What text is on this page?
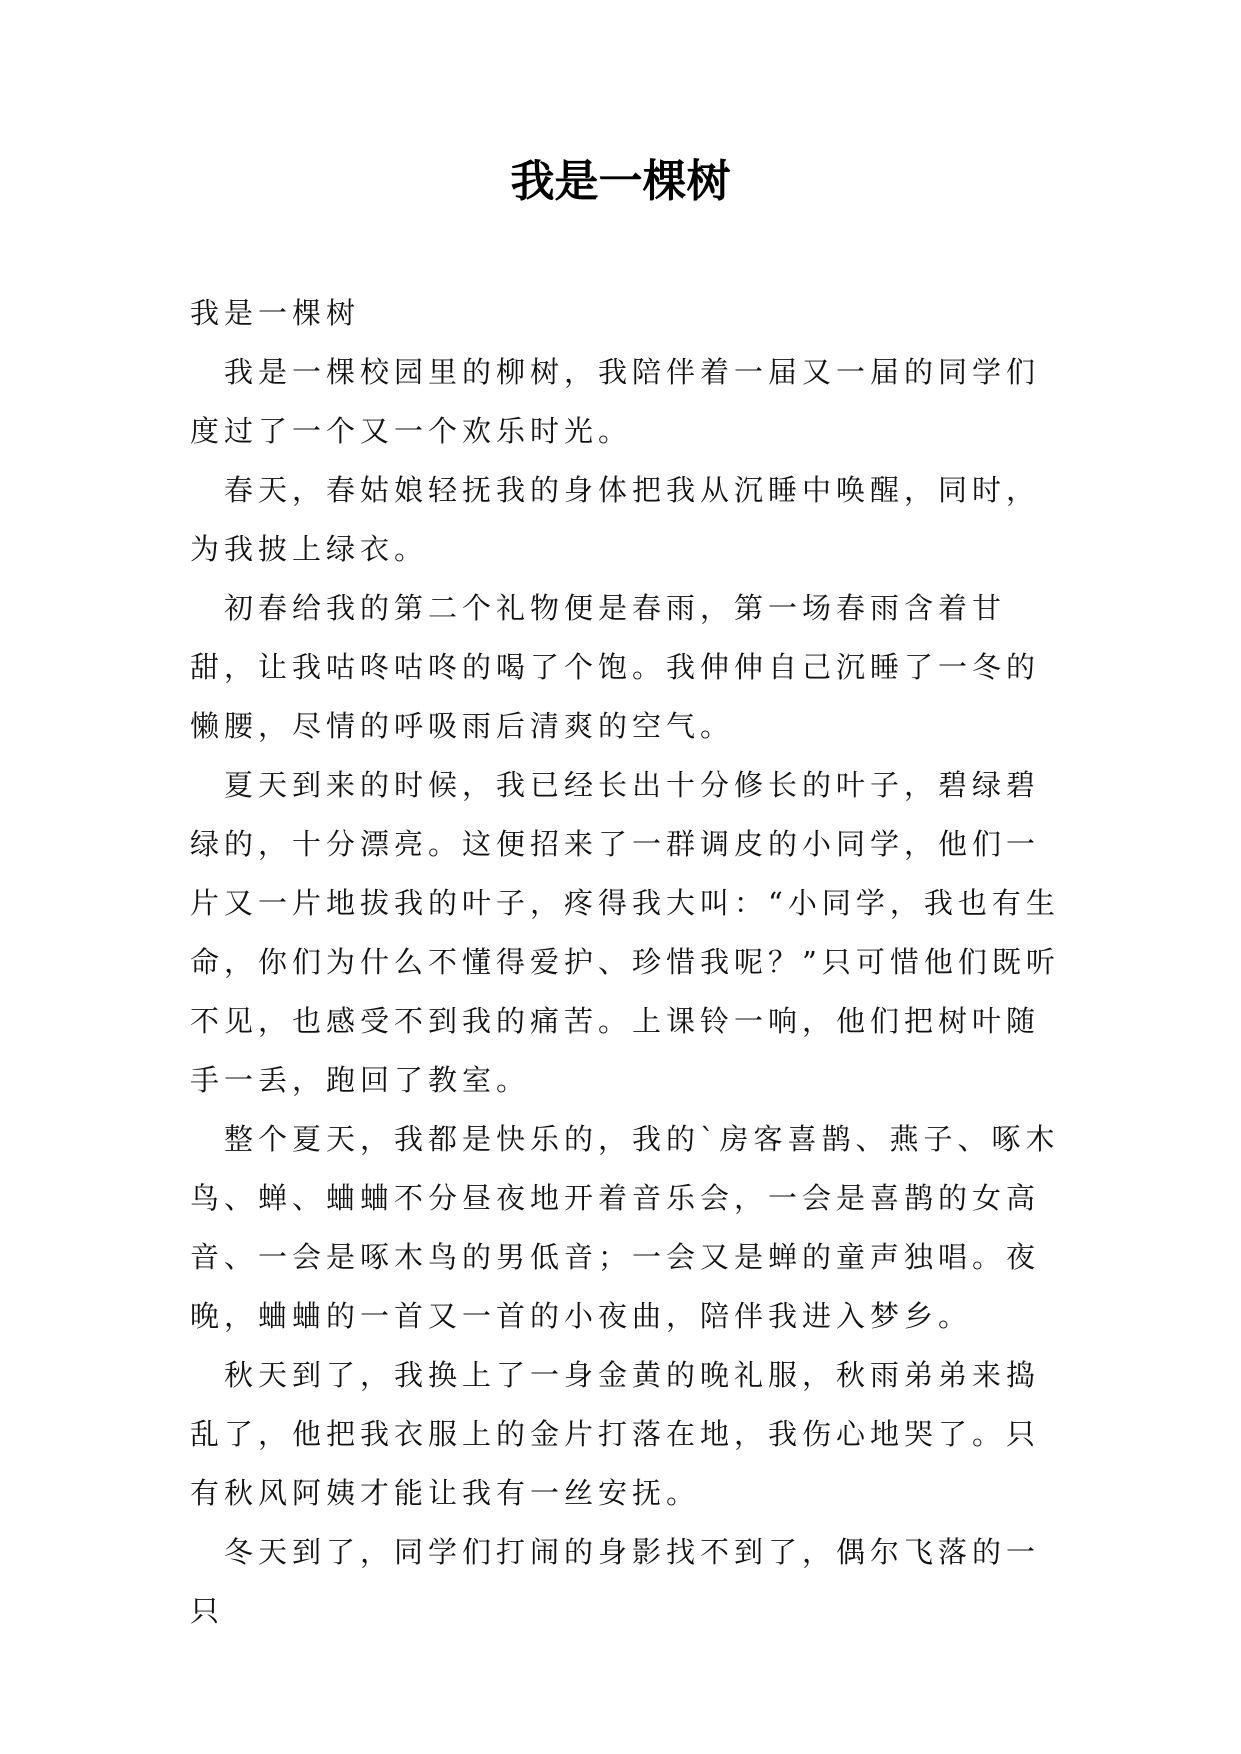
我是一棵树

我是一棵树

我是一棵校园里的柳树，我陪伴着一届又一届的同学们度过了一个又一个欢乐时光。

春天，春姑娘轻抚我的身体把我从沉睡中唤醒，同时，为我披上绿衣。

初春给我的第二个礼物便是春雨，第一场春雨含着甘甜，让我咕咚咕咚的喝了个饱。我伸伸自己沉睡了一冬的懒腰，尽情的呼吸雨后清爽的空气。

夏天到来的时候，我已经长出十分修长的叶子，碧绿碧绿的，十分漂亮。这便招来了一群调皮的小同学，他们一片又一片地拔我的叶子，疼得我大叫：“小同学，我也有生命，你们为什么不懂得爱护、珍惜我呢？”只可惜他们既听不见，也感受不到我的痛苦。上课铃一响，他们把树叶随手一丢，跑回了教室。

整个夏天，我都是快乐的，我的`房客喜鹊、燕子、啄木鸟、蝉、蛐蛐不分昼夜地开着音乐会，一会是喜鹊的女高音、一会是啄木鸟的男低音；一会又是蝉的童声独唱。夜晚，蛐蛐的一首又一首的小夜曲，陪伴我进入梦乡。

秋天到了，我换上了一身金黄的晚礼服，秋雨弟弟来捣乱了，他把我衣服上的金片打落在地，我伤心地哭了。只有秋风阿姨才能让我有一丝安抚。

冬天到了，同学们打闹的身影找不到了，偶尔飞落的一只
